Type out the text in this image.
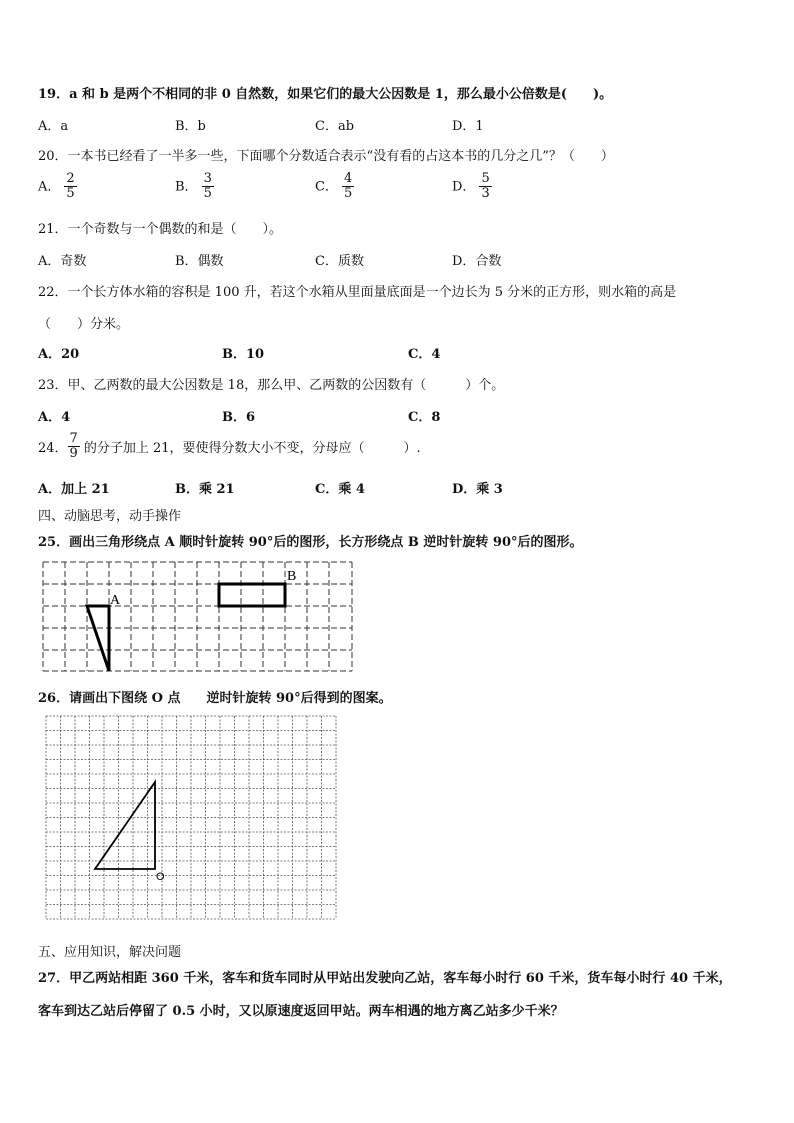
19．a 和 b 是两个不相同的非 0 自然数，如果它们的最大公因数是 1，那么最小公倍数是(　　)。
A．a	B．b	C．ab	D．1
20．一本书已经看了一半多一些，下面哪个分数适合表示“没有看的占这本书的几分之几”？（　　）
A． $\frac{2}{5}$	B． $\frac{3}{5}$	C． $\frac{4}{5}$	D． $\frac{5}{3}$
21．一个奇数与一个偶数的和是（　　）。
A．奇数	B．偶数	C．质数	D．合数
22．一个长方体水箱的容积是 100 升，若这个水箱从里面量底面是一个边长为 5 分米的正方形，则水箱的高是
（　　）分米。
A．20	B．10	C．4
23．甲、乙两数的最大公因数是 18，那么甲、乙两数的公因数有（　　　）个。
A．4	B．6	C．8
24． $\frac{7}{9}$ 的分子加上 21，要使得分数大小不变，分母应（　　　）.
A．加上 21	B．乘 21	C．乘 4	D．乘 3
四、动脑思考，动手操作
25．画出三角形绕点 A 顺时针旋转 90°后的图形，长方形绕点 B 逆时针旋转 90°后的图形。
A
B
26．请画出下图绕 O 点　　逆时针旋转 90°后得到的图案。
O
五、应用知识，解决问题
27．甲乙两站相距 360 千米，客车和货车同时从甲站出发驶向乙站，客车每小时行 60 千米，货车每小时行 40 千米，
客车到达乙站后停留了 0.5 小时，又以原速度返回甲站。两车相遇的地方离乙站多少千米？
